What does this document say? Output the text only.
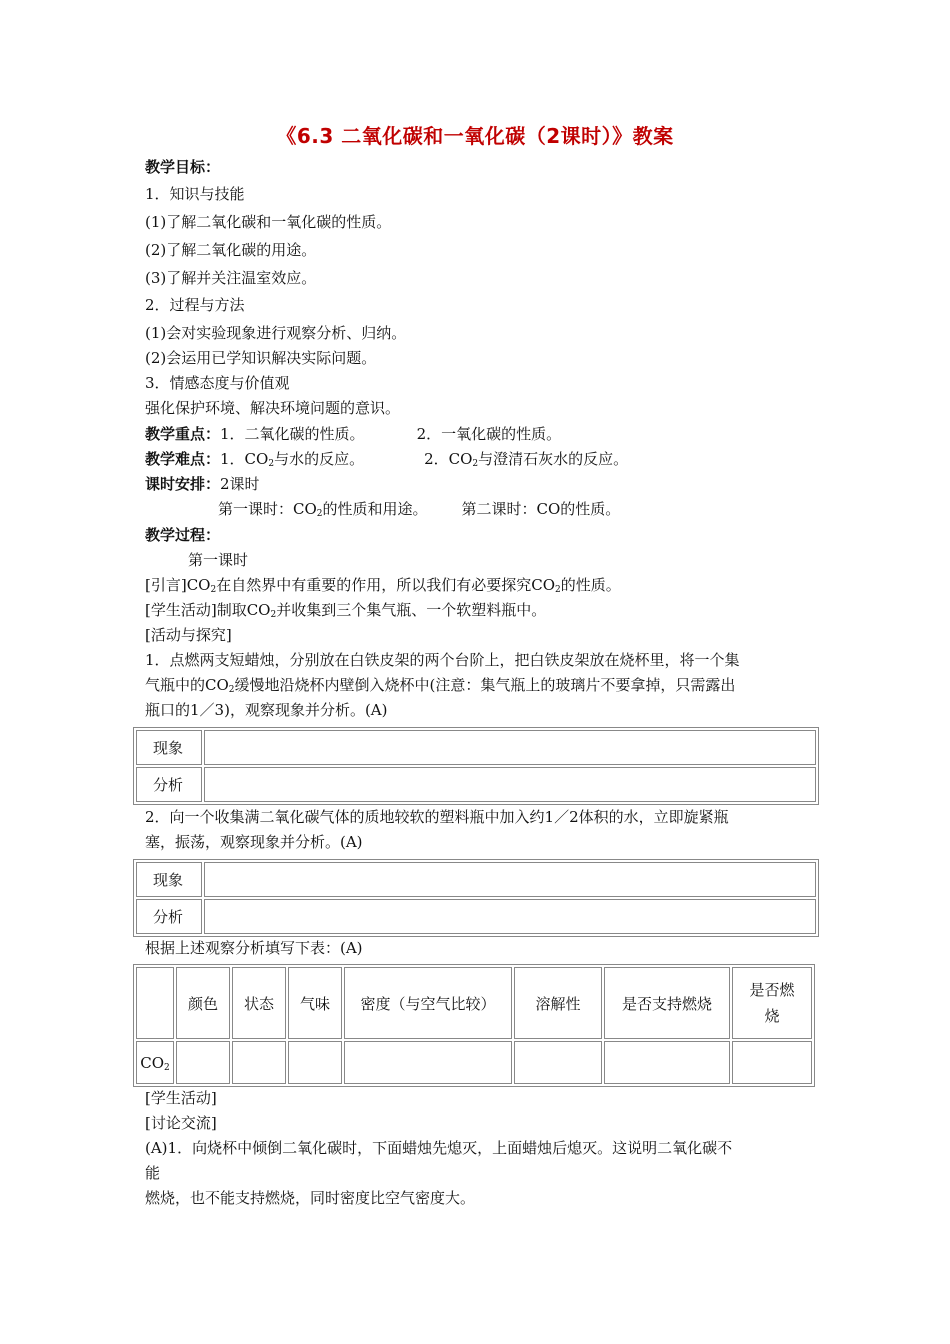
《6.3 二氧化碳和一氧化碳（2课时）》教案
教学目标：
1．知识与技能
(1)了解二氧化碳和一氧化碳的性质。
(2)了解二氧化碳的用途。
(3)了解并关注温室效应。
2．过程与方法
(1)会对实验现象进行观察分析、归纳。
(2)会运用已学知识解决实际问题。
3．情感态度与价值观
强化保护环境、解决环境问题的意识。
教学重点：1．二氧化碳的性质。	2．一氧化碳的性质。
教学难点：1．$CO_2$与水的反应。	2．$CO_2$与澄清石灰水的反应。
课时安排：2课时
第一课时：$CO_2$的性质和用途。 第二课时：CO的性质。
教学过程：
第一课时
[引言]$CO_2$在自然界中有重要的作用，所以我们有必要探究$CO_2$的性质。
[学生活动]制取$CO_2$并收集到三个集气瓶、一个软塑料瓶中。
[活动与探究]
1．点燃两支短蜡烛，分别放在白铁皮架的两个台阶上，把白铁皮架放在烧杯里，将一个集
气瓶中的$CO_2$缓慢地沿烧杯内壁倒入烧杯中(注意：集气瓶上的玻璃片不要拿掉，只需露出
瓶口的1／3)，观察现象并分析。(A)
现象	
分析	
2．向一个收集满二氧化碳气体的质地较软的塑料瓶中加入约1／2体积的水，立即旋紧瓶
塞，振荡，观察现象并分析。(A)
现象	
分析	
根据上述观察分析填写下表：(A)
	颜色	状态	气味	密度（与空气比较）	溶解性	是否支持燃烧	是否燃
烧
$CO_2$							
[学生活动]
[讨论交流]
(A)1．向烧杯中倾倒二氧化碳时，下面蜡烛先熄灭，上面蜡烛后熄灭。这说明二氧化碳不
能
燃烧，也不能支持燃烧，同时密度比空气密度大。
